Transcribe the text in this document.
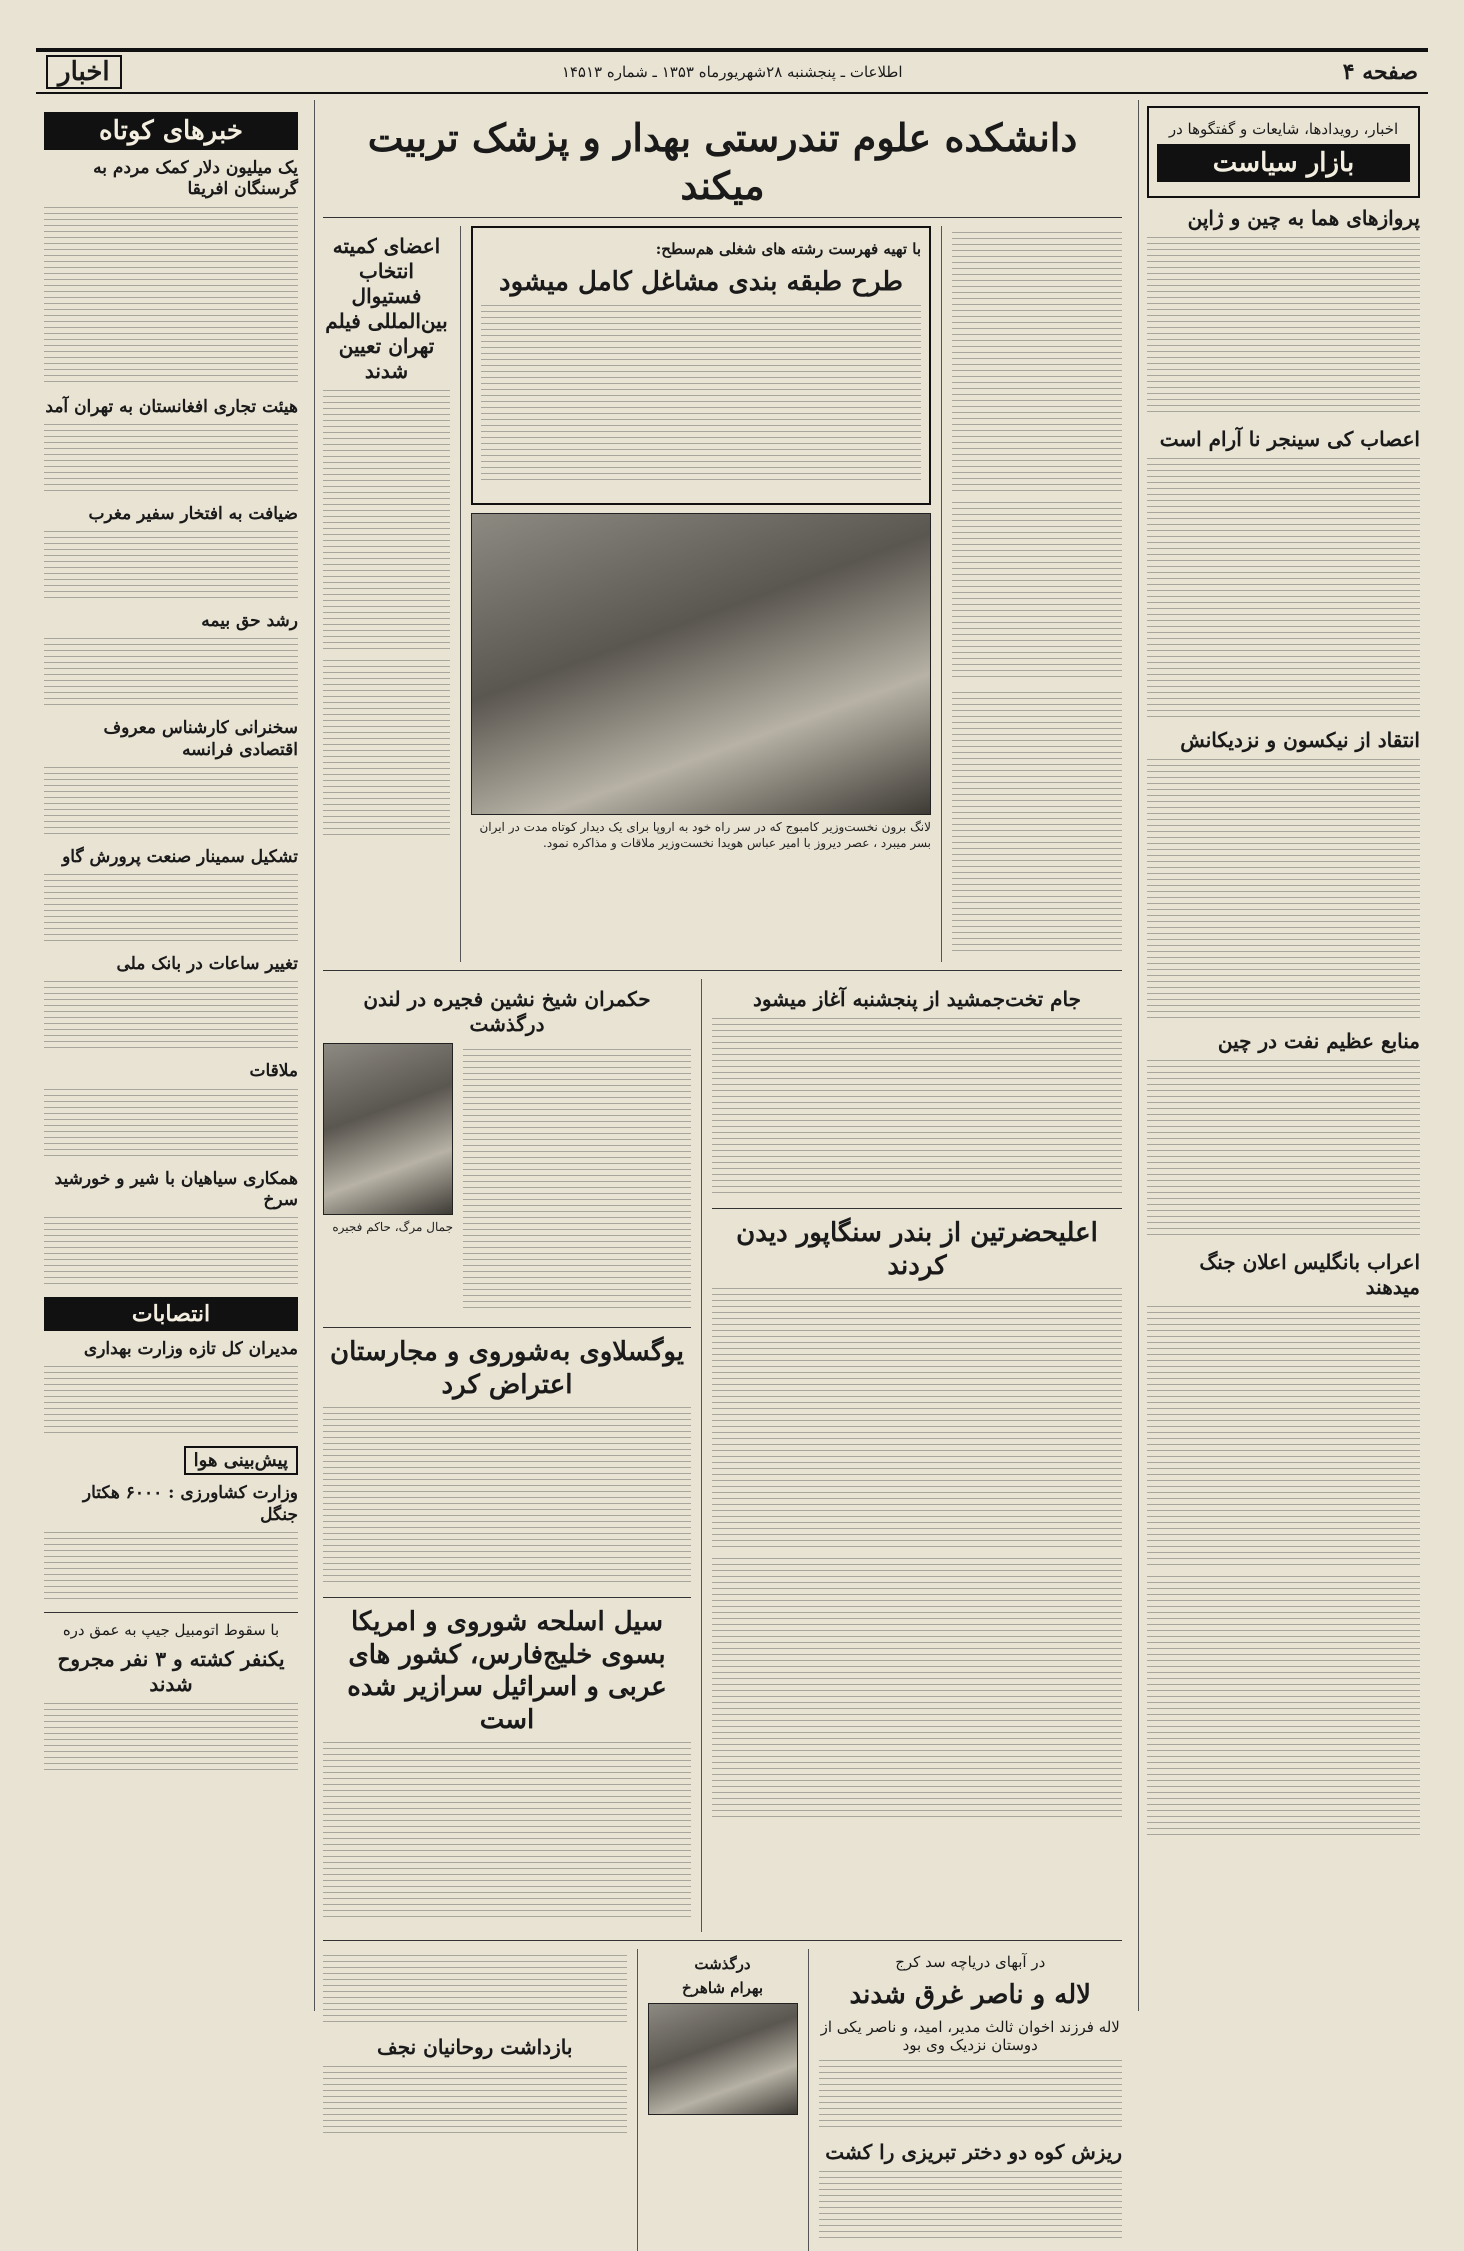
صفحه ۴
اطلاعات ـ پنجشنبه ۲۸شهریورماه ۱۳۵۳ ـ شماره ۱۴۵۱۳
اخبار
اخبار، رویدادها، شایعات و گفتگوها در
بازار سیاست
پروازهای هما به چین و ژاپن
اعصاب کی سینجر نا آرام است
انتقاد از نیکسون و نزدیکانش
منابع عظیم نفت در چین
اعراب بانگلیس اعلان جنگ میدهند
دانشکده علوم تندرستی بهدار و پزشک تربیت میکند
با تهیه فهرست رشته های شغلی هم‌سطح:
طرح طبقه بندی مشاغل کامل میشود
لانگ برون نخست‌وزیر کامبوج که در سر راه خود به اروپا برای یک دیدار کوتاه مدت در ایران بسر میبرد ، عصر دیروز با امیر عباس هویدا نخست‌وزیر ملاقات و مذاکره نمود.
اعضای کمیته انتخاب فستیوال بین‌المللی فیلم تهران تعیین شدند
جام تخت‌جمشید از پنجشنبه آغاز میشود
اعلیحضرتین از بندر سنگاپور دیدن کردند
حکمران شیخ نشین فجیره در لندن درگذشت
جمال مرگ، حاکم فجیره
یوگسلاوی به‌شوروی و مجارستان اعتراض کرد
سیل اسلحه شوروی و امریکا بسوی خلیج‌فارس، کشور های عربی و اسرائیل سرازیر شده است
در آبهای دریاچه سد کرج
لاله و ناصر غرق شدند
لاله فرزند اخوان ثالث مدیر، امید، و ناصر یکی از دوستان نزدیک وی بود
ریزش کوه دو دختر تبریزی را کشت
درگذشت
بهرام شاهرخ
بازداشت روحانیان نجف
خبرهای کوتاه
یک میلیون دلار کمک مردم به گرسنگان افریقا
هیئت تجاری افغانستان به تهران آمد
ضیافت به افتخار سفیر مغرب
رشد حق بیمه
سخنرانی کارشناس معروف اقتصادی فرانسه
تشکیل سمینار صنعت پرورش گاو
تغییر ساعات در بانک ملی
ملاقات
همکاری سیاهیان با شیر و خورشید سرخ
انتصابات
مدیران کل تازه وزارت بهداری
پیش‌بینی هوا
وزارت کشاورزی : ۶۰۰۰ هکتار جنگل
با سقوط اتومبیل جیپ به عمق دره
یکنفر کشته و ۳ نفر مجروح شدند
